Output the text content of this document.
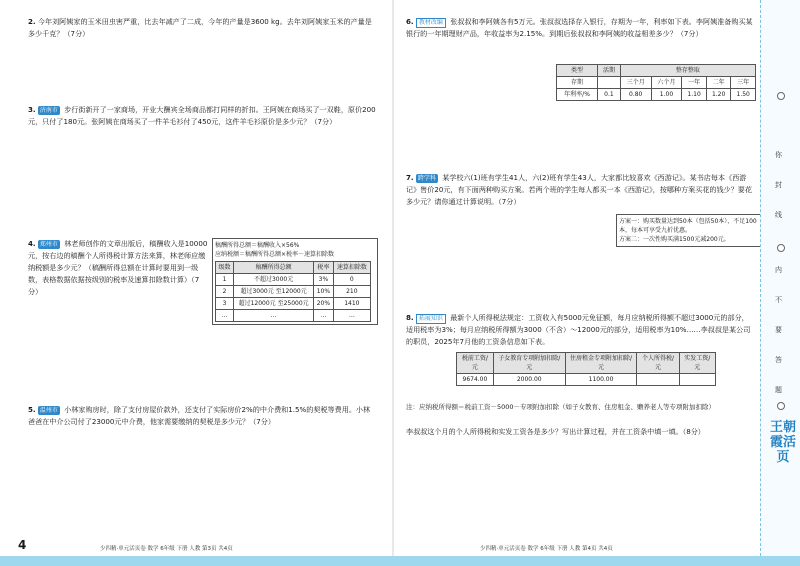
2. 今年刘阿姨家的玉米田虫害严重，比去年减产了二成，今年的产量是3600 kg。去年刘阿姨家玉米的产量是多少千克？（7分）
3. 济南市 步行街新开了一家商场，开业大酬宾全场商品都打同样的折扣。王阿姨在商场买了一双鞋，原价200元，只付了180元。张阿姨在商场买了一件羊毛衫付了450元，这件羊毛衫原价是多少元？（7分）
4. 郑州市 林老师创作的文章出版后，稿酬收入是10000元，按右边的稿酬个人所得税计算方法来算，林老师应缴纳税额是多少元？（稿酬所得总额在计算时要用到一级数，表格数据依据按级别的税率及速算扣除数计算）（7分）
稿酬所得总额＝稿酬收入×56%
应纳税额＝稿酬所得总额×税率－速算扣除数
级数	稿酬所得总额	税率	速算扣除数
1	不超过3000元	3%	0
2	超过3000元 至12000元	10%	210
3	超过12000元 至25000元	20%	1410
…	…	…	…
5. 温州市 小林家购房时，除了支付房屋价款外，还支付了实际房价2%的中介费和1.5%的契税等费用。小林爸爸在中介公司付了23000元中介费，他家需要缴纳的契税是多少元？（7分）
4	少四精·单元活页卷 数学 6年级 下册 人教 第3页 共4页
6. 教材改编 张叔叔和李阿姨各有5万元。张叔叔选择存入银行，存期为一年，利率如下表。李阿姨准备购买某银行的一年期理财产品，年收益率为2.15%。到期后张叔叔和李阿姨的收益相差多少？（7分）
类型	活期	整存整取				
存期		三个月	六个月	一年	二年	三年
年利率/%	0.1	0.80	1.00	1.10	1.20	1.50
7. 跨学科 某学校六(1)班有学生41人，六(2)班有学生43人，大家都比较喜欢《西游记》。某书店每本《西游记》售价20元，有下面两种购买方案。若两个班的学生每人都买一本《西游记》，按哪种方案买花的钱少？要花多少元？请你通过计算说明。（7分）
方案一：购买数量达到50本（包括50本），不足100本，每本可享受九折优惠。
方案二：一次性购买满1500元减200元。
8. 拓展知识 最新个人所得税法规定：工资收入有5000元免征额，每月应纳税所得额不超过3000元的部分，适用税率为3%；每月应纳税所得额为3000（不含）～12000元的部分，适用税率为10%……李叔叔是某公司的职员，2025年7月他的工资条信息如下表。
税前工资/元	子女教育专项附加扣除/元	住房租金专项附加扣除/元	个人所得税/元	实发工资/元
9674.00	2000.00	1100.00		
注：应纳税所得额＝税前工资－5000－专项附加扣除（如子女教育、住房租金、赡养老人等专项附加扣除）
李叔叔这个月的个人所得税和实发工资各是多少？写出计算过程，并在工资条中填一填。（8分）
少四精·单元活页卷 数学 6年级 下册 人教 第4页 共4页
你
封
线
内
不
要
答
题
王朝霞活页
